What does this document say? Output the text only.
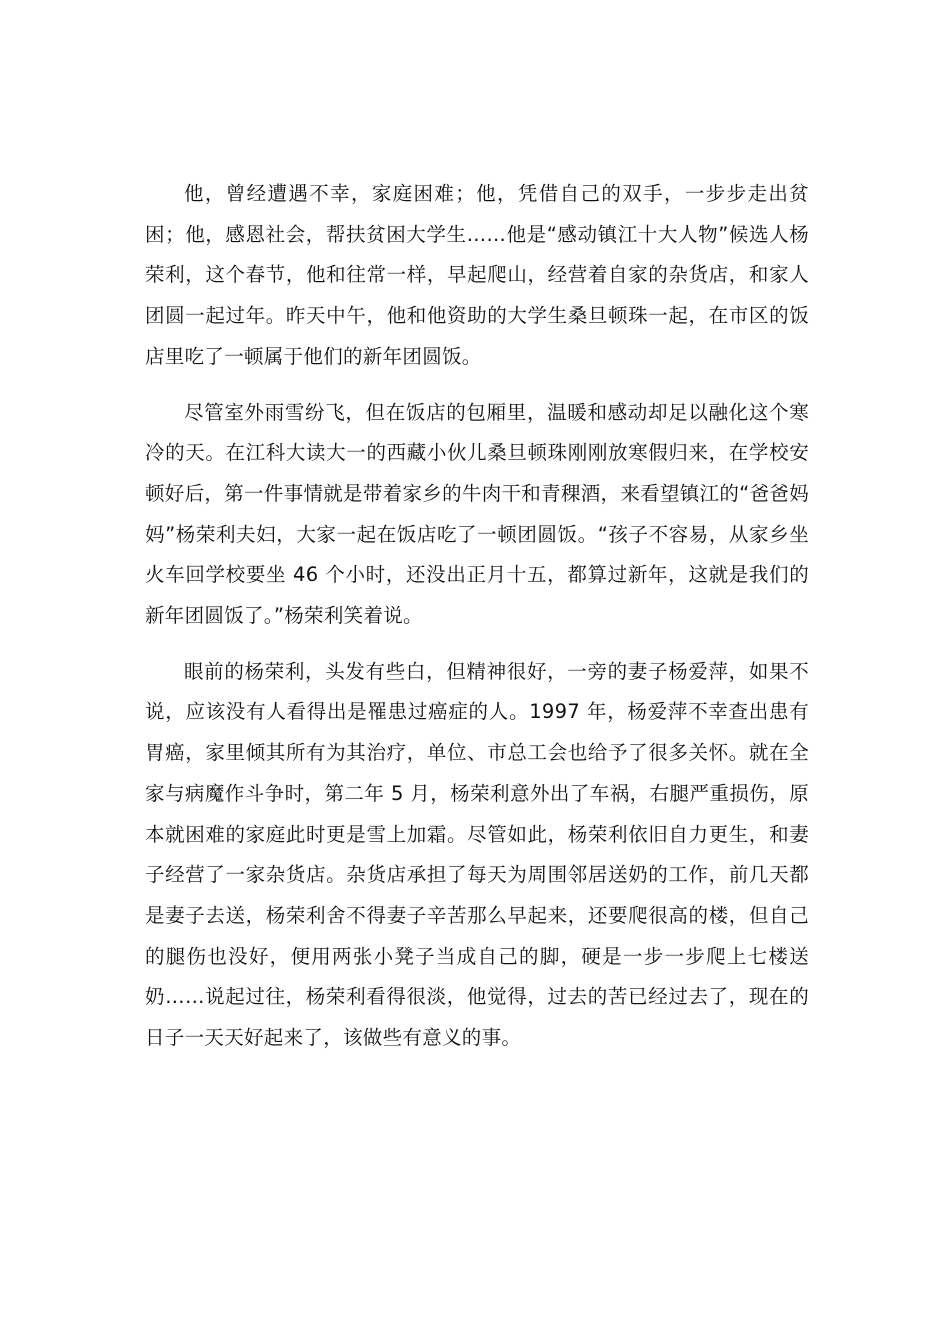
他，曾经遭遇不幸，家庭困难；他，凭借自己的双手，一步步走出贫困；他，感恩社会，帮扶贫困大学生……他是“感动镇江十大人物”候选人杨荣利，这个春节，他和往常一样，早起爬山，经营着自家的杂货店，和家人团圆一起过年。昨天中午，他和他资助的大学生桑旦顿珠一起，在市区的饭店里吃了一顿属于他们的新年团圆饭。

尽管室外雨雪纷飞，但在饭店的包厢里，温暖和感动却足以融化这个寒冷的天。在江科大读大一的西藏小伙儿桑旦顿珠刚刚放寒假归来，在学校安顿好后，第一件事情就是带着家乡的牛肉干和青稞酒，来看望镇江的“爸爸妈妈”杨荣利夫妇，大家一起在饭店吃了一顿团圆饭。“孩子不容易，从家乡坐火车回学校要坐 46 个小时，还没出正月十五，都算过新年，这就是我们的新年团圆饭了。”杨荣利笑着说。

眼前的杨荣利，头发有些白，但精神很好，一旁的妻子杨爱萍，如果不说，应该没有人看得出是罹患过癌症的人。1997 年，杨爱萍不幸查出患有胃癌，家里倾其所有为其治疗，单位、市总工会也给予了很多关怀。就在全家与病魔作斗争时，第二年 5 月，杨荣利意外出了车祸，右腿严重损伤，原本就困难的家庭此时更是雪上加霜。尽管如此，杨荣利依旧自力更生，和妻子经营了一家杂货店。杂货店承担了每天为周围邻居送奶的工作，前几天都是妻子去送，杨荣利舍不得妻子辛苦那么早起来，还要爬很高的楼，但自己的腿伤也没好，便用两张小凳子当成自己的脚，硬是一步一步爬上七楼送奶……说起过往，杨荣利看得很淡，他觉得，过去的苦已经过去了，现在的日子一天天好起来了，该做些有意义的事。
